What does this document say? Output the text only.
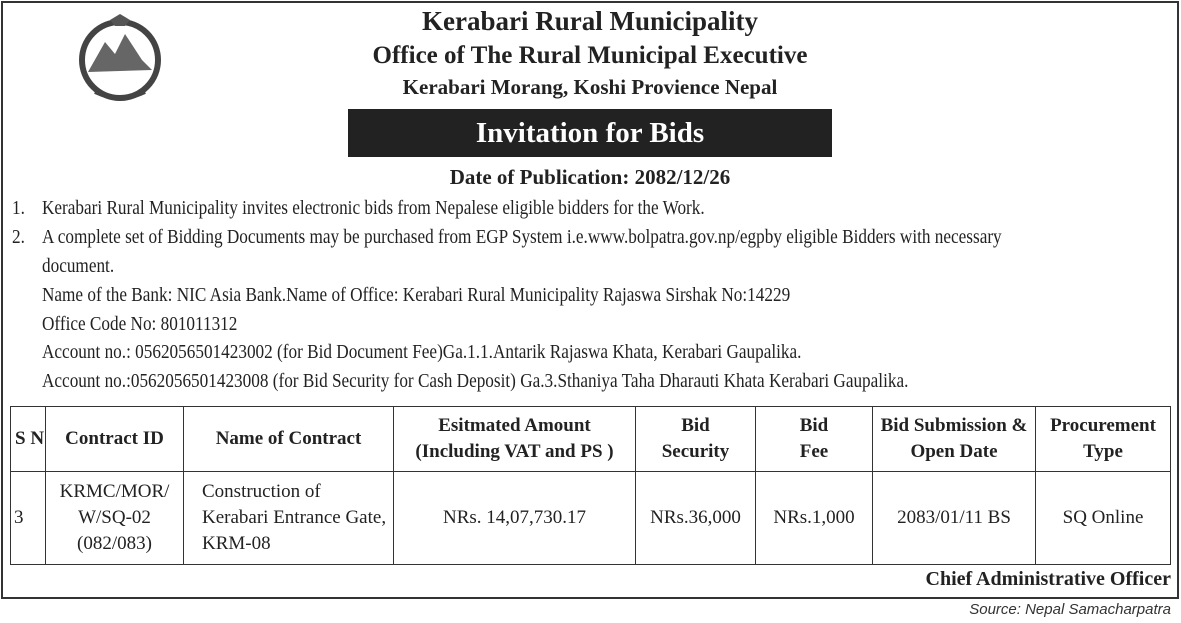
Kerabari Rural Municipality
Office of The Rural Municipal Executive
Kerabari Morang, Koshi Provience Nepal
Invitation for Bids
Date of Publication: 2082/12/26
1. Kerabari Rural Municipality invites electronic bids from Nepalese eligible bidders for the Work.
2. A complete set of Bidding Documents may be purchased from EGP System i.e.www.bolpatra.gov.np/egpby eligible Bidders with necessary
document.
Name of the Bank: NIC Asia Bank.Name of Office: Kerabari Rural Municipality Rajaswa Sirshak No:14229
Office Code No: 801011312
Account no.: 0562056501423002 (for Bid Document Fee)Ga.1.1.Antarik Rajaswa Khata, Kerabari Gaupalika.
Account no.:0562056501423008 (for Bid Security for Cash Deposit) Ga.3.Sthaniya Taha Dharauti Khata Kerabari Gaupalika.
S N	Contract ID	Name of Contract	Esitmated Amount (Including VAT and PS )	Bid Security	Bid Fee	Bid Submission & Open Date	Procurement Type
3	KRMC/MOR/ W/SQ-02 (082/083)	Construction of Kerabari Entrance Gate, KRM-08	NRs. 14,07,730.17	NRs.36,000	NRs.1,000	2083/01/11 BS	SQ Online
Chief Administrative Officer
Source: Nepal Samacharpatra
